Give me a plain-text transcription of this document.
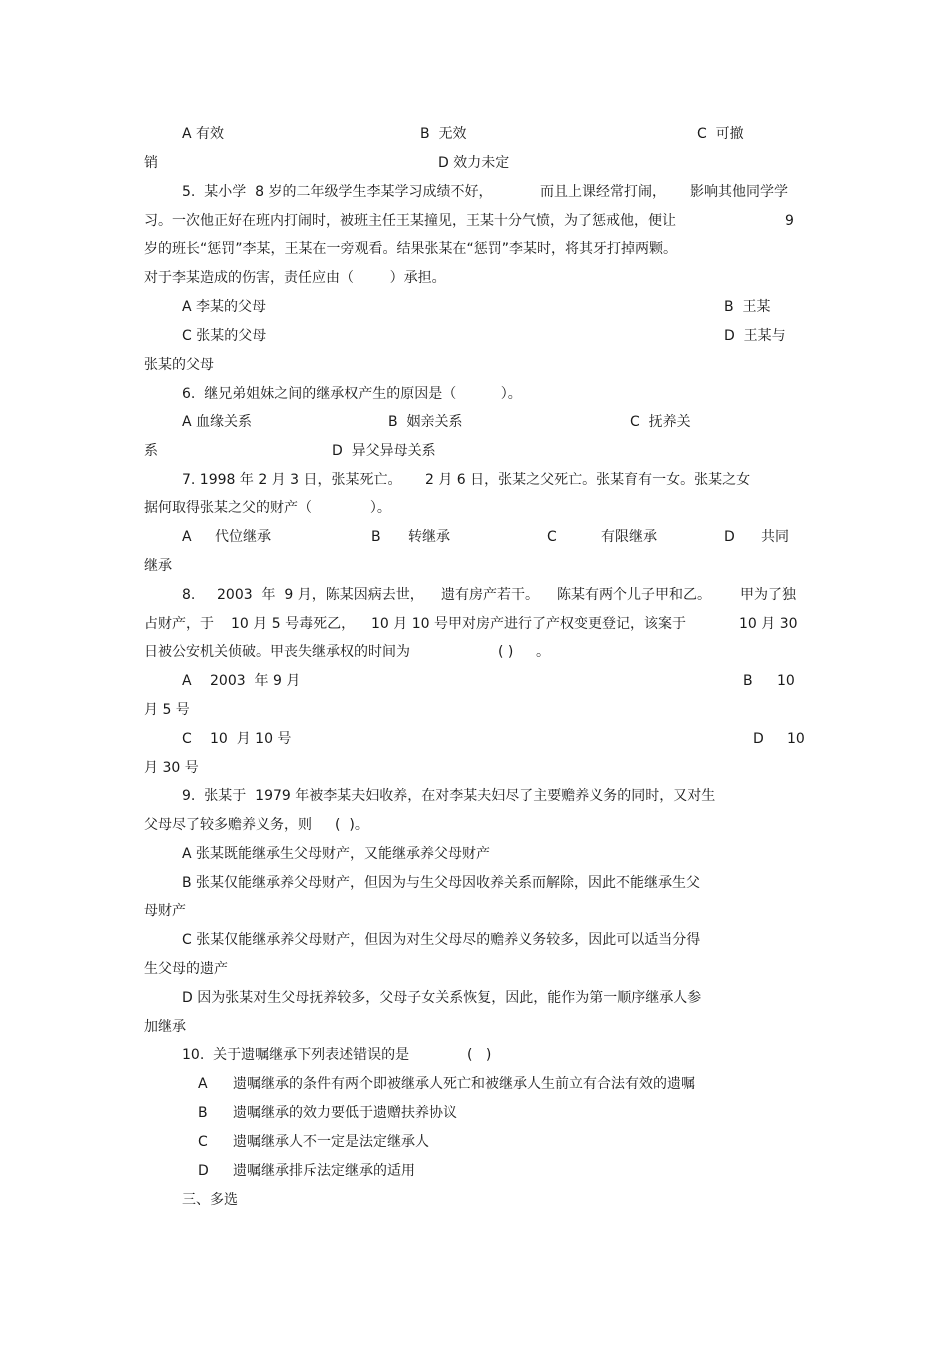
A 有效	B  无效	C  可撤
销	D 效力未定
5.  某小学  8 岁的二年级学生李某学习成绩不好，	而且上课经常打闹， 影响其他同学学
习。一次他正好在班内打闹时，被班主任王某撞见，王某十分气愤，为了惩戒他，便让	9
岁的班长“惩罚”李某，王某在一旁观看。结果张某在“惩罚”李某时，将其牙打掉两颗。
对于李某造成的伤害，责任应由（        ）承担。
A 李某的父母	B  王某
C 张某的父母	D  王某与
张某的父母
6.  继兄弟姐妹之间的继承权产生的原因是（          ）。
A 血缘关系	B  姻亲关系	C  抚养关
系	D  异父异母关系
7. 1998 年 2 月 3 日，张某死亡。 2 月 6 日，张某之父死亡。张某育有一女。张某之女
据何取得张某之父的财产（             ）。
A 代位继承	B 转继承	C	有限继承	D 共同
继承
8. 2003  年  9 月，陈某因病去世， 遗有房产若干。 陈某有两个儿子甲和乙。 甲为了独
占财产，于 10 月 5 号毒死乙， 10 月 10 号甲对房产进行了产权变更登记，该案于	10 月 30
日被公安机关侦破。甲丧失继承权的时间为	( ) 。
A 2003  年 9 月	B 10
月 5 号
C 10  月 10 号	D 10
月 30 号
9.  张某于  1979 年被李某夫妇收养，在对李某夫妇尽了主要赡养义务的同时，又对生
父母尽了较多赡养义务，则 (  )。
A 张某既能继承生父母财产，又能继承养父母财产
B 张某仅能继承养父母财产，但因为与生父母因收养关系而解除，因此不能继承生父
母财产
C 张某仅能继承养父母财产，但因为对生父母尽的赡养义务较多，因此可以适当分得
生父母的遗产
D 因为张某对生父母抚养较多，父母子女关系恢复，因此，能作为第一顺序继承人参
加继承
10.  关于遗嘱继承下列表述错误的是	(   )
A 遗嘱继承的条件有两个即被继承人死亡和被继承人生前立有合法有效的遗嘱
B 遗嘱继承的效力要低于遗赠扶养协议
C 遗嘱继承人不一定是法定继承人
D 遗嘱继承排斥法定继承的适用
三、多选
